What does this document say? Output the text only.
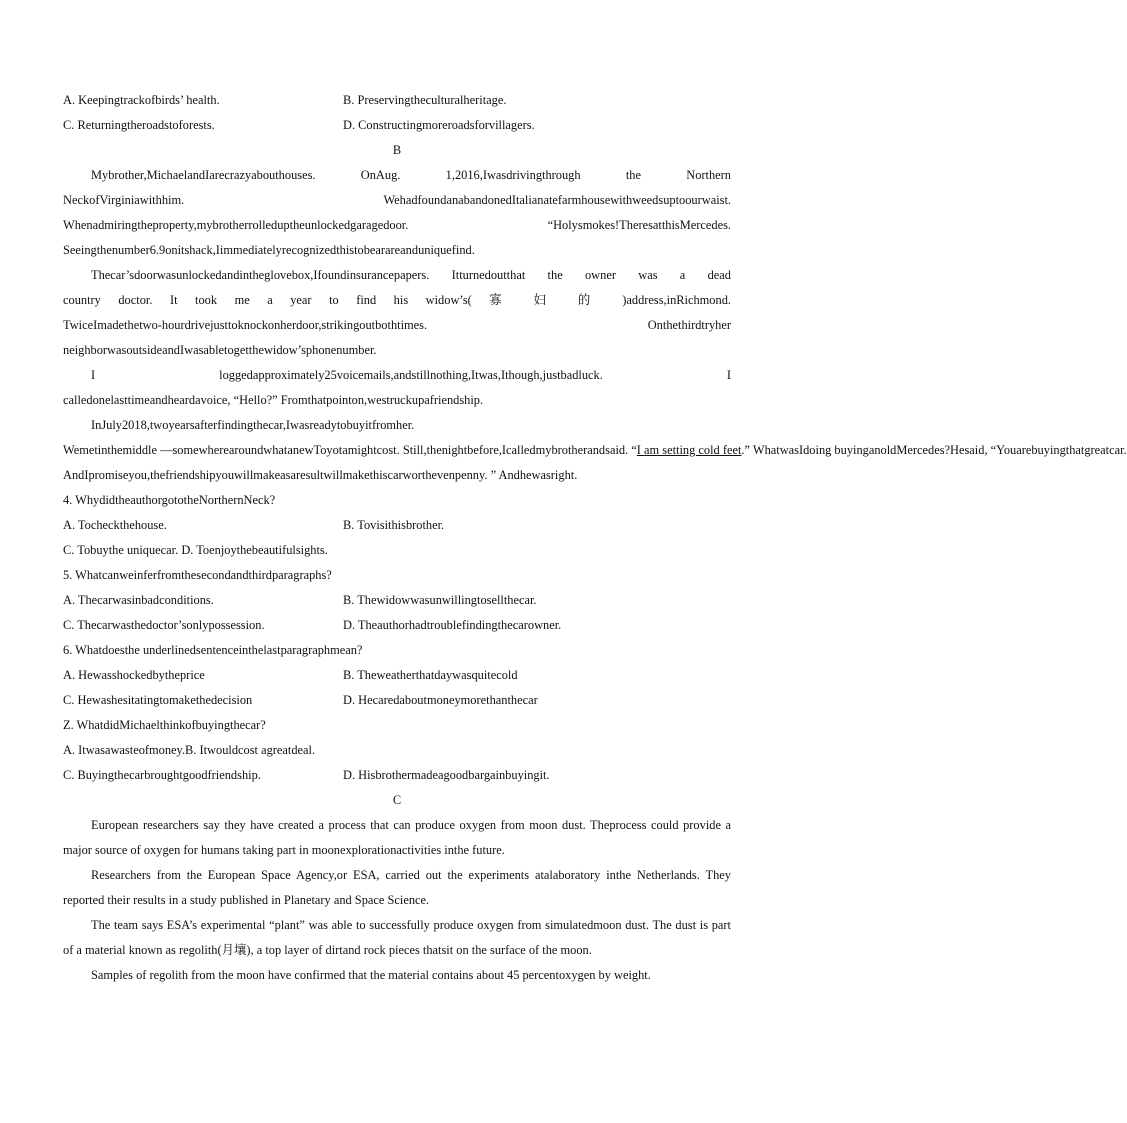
A. Keepingtrackofbirds’ health.	B. Preservingtheculturalheritage.
C. Returningtheroadstoforests.	D. Constructingmoreroadsforvillagers.
B
Mybrother,MichaelandIarecrazyabouthouses. OnAug. 1,2016,Iwasdrivingthrough the Northern
NeckofVirginiawithhim. WehadfoundanabandonedItalianatefarmhousewithweedsuptoourwaist.
Whenadmiringtheproperty,mybrotherrolleduptheunlockedgaragedoor. “Holysmokes!TheresatthisMercedes.
Seeingthenumber6.9onitshack,Iimmediatelyrecognizedthistobearareanduniquefind.
Thecar’sdoorwasunlockedandintheglovebox,Ifoundinsurancepapers. Itturnedoutthat the owner was a dead
country doctor. It took me a year to find his widow’s( 寡 妇 的 )address,inRichmond.
TwiceImadethetwo-hourdrivejusttoknockonherdoor,strikingoutbothtimes. Onthethirdtryher
neighborwasoutsideandIwasabletogetthewidow’sphonenumber.
I loggedapproximately25voicemails,andstillnothing,Itwas,Ithough,justbadluck. I
calledonelasttimeandheardavoice, “Hello?” Fromthatpointon,westruckupafriendship.
InJuly2018,twoyearsafterfindingthecar,Iwasreadytobuyitfromher.
Wemetinthemiddle —somewherearoundwhatanewToyotamightcost. Still,thenightbefore,Icalledmybrotherandsaid. “I am setting cold feet.” WhatwasIdoing buyinganoldMercedes?Hesaid, “Youarebuyingthatgreatcar.
AndIpromiseyou,thefriendshipyouwillmakeasaresultwillmakethiscarworthevenpenny. ” Andhewasright.
4. WhydidtheauthorgototheNorthernNeck?
A. Tocheckthehouse.	B. Tovisithisbrother.
C. Tobuythe uniquecar. D. Toenjoythebeautifulsights.
5. Whatcanweinferfromthesecondandthirdparagraphs?
A. Thecarwasinbadconditions.	B. Thewidowwasunwillingtosellthecar.
C. Thecarwasthedoctor’sonlypossession.	D. Theauthorhadtroublefindingthecarowner.
6. Whatdoesthe underlinedsentenceinthelastparagraphmean?
A. Hewasshockedbytheprice	B. Theweatherthatdaywasquitecold
C. Hewashesitatingtomakethedecision	D. Hecaredaboutmoneymorethanthecar
Z. WhatdidMichaelthinkofbuyingthecar?
A. Itwasawasteofmoney.B. Itwouldcost agreatdeal.
C. Buyingthecarbroughtgoodfriendship.	D. Hisbrothermadeagoodbargainbuyingit.
C
European researchers say they have created a process that can produce oxygen from moon dust. Theprocess could provide a major source of oxygen for humans taking part in moonexplorationactivities inthe future.
Researchers from the European Space Agency,or ESA, carried out the experiments atalaboratory inthe Netherlands. They reported their results in a study published in Planetary and Space Science.
The team says ESA’s experimental “plant” was able to successfully produce oxygen from simulatedmoon dust. The dust is part of a material known as regolith(月壤), a top layer of dirtand rock pieces thatsit on the surface of the moon.
Samples of regolith from the moon have confirmed that the material contains about 45 percentoxygen by weight.
